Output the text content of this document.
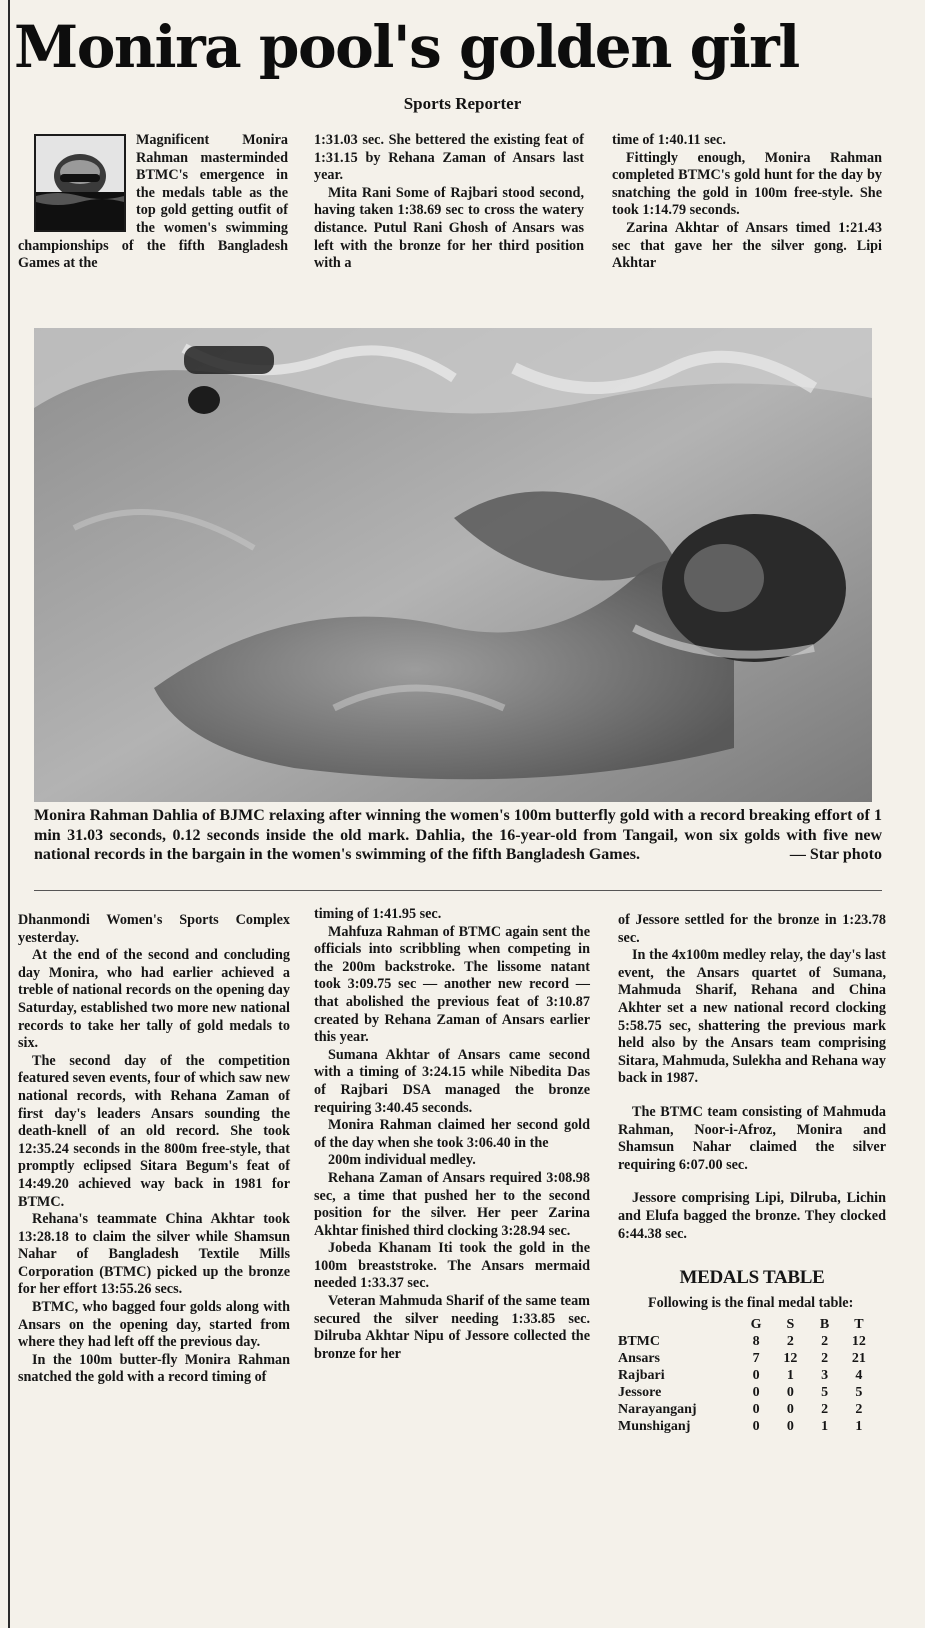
Monira pool's golden girl
Sports Reporter

Magnificent Monira Rahman masterminded BTMC's emergence in the medals table as the top gold getting outfit of the women's swimming championships of the fifth Bangladesh Games at the

1:31.03 sec. She bettered the existing feat of 1:31.15 by Rehana Zaman of Ansars last year.

Mita Rani Some of Rajbari stood second, having taken 1:38.69 sec to cross the watery distance. Putul Rani Ghosh of Ansars was left with the bronze for her third position with a

time of 1:40.11 sec.

Fittingly enough, Monira Rahman completed BTMC's gold hunt for the day by snatching the gold in 100m free-style. She took 1:14.79 seconds.

Zarina Akhtar of Ansars timed 1:21.43 sec that gave her the silver gong. Lipi Akhtar

Monira Rahman Dahlia of BJMC relaxing after winning the women's 100m butterfly gold with a record breaking effort of 1 min 31.03 seconds, 0.12 seconds inside the old mark. Dahlia, the 16-year-old from Tangail, won six golds with five new national records in the bargain in the women's swimming of the fifth Bangladesh Games.	— Star photo

Dhanmondi Women's Sports Complex yesterday.

At the end of the second and concluding day Monira, who had earlier achieved a treble of national records on the opening day Saturday, established two more new national records to take her tally of gold medals to six.

The second day of the competition featured seven events, four of which saw new national records, with Rehana Zaman of first day's leaders Ansars sounding the death-knell of an old record. She took 12:35.24 seconds in the 800m free-style, that promptly eclipsed Sitara Begum's feat of 14:49.20 achieved way back in 1981 for BTMC.

Rehana's teammate China Akhtar took 13:28.18 to claim the silver while Shamsun Nahar of Bangladesh Textile Mills Corporation (BTMC) picked up the bronze for her effort 13:55.26 secs.

BTMC, who bagged four golds along with Ansars on the opening day, started from where they had left off the previous day.

In the 100m butter-fly Monira Rahman snatched the gold with a record timing of

timing of 1:41.95 sec.

Mahfuza Rahman of BTMC again sent the officials into scribbling when competing in the 200m backstroke. The lissome natant took 3:09.75 sec — another new record — that abolished the previous feat of 3:10.87 created by Rehana Zaman of Ansars earlier this year.

Sumana Akhtar of Ansars came second with a timing of 3:24.15 while Nibedita Das of Rajbari DSA managed the bronze requiring 3:40.45 seconds.

Monira Rahman claimed her second gold of the day when she took 3:06.40 in the

200m individual medley.

Rehana Zaman of Ansars required 3:08.98 sec, a time that pushed her to the second position for the silver. Her peer Zarina Akhtar finished third clocking 3:28.94 sec.

Jobeda Khanam Iti took the gold in the 100m breaststroke. The Ansars mermaid needed 1:33.37 sec.

Veteran Mahmuda Sharif of the same team secured the silver needing 1:33.85 sec. Dilruba Akhtar Nipu of Jessore collected the bronze for her

of Jessore settled for the bronze in 1:23.78 sec.

In the 4x100m medley relay, the day's last event, the Ansars quartet of Sumana, Mahmuda Sharif, Rehana and China Akhter set a new national record clocking 5:58.75 sec, shattering the previous mark held also by the Ansars team comprising Sitara, Mahmuda, Sulekha and Rehana way back in 1987.

The BTMC team consisting of Mahmuda Rahman, Noor-i-Afroz, Monira and Shamsun Nahar claimed the silver requiring 6:07.00 sec.

Jessore comprising Lipi, Dilruba, Lichin and Elufa bagged the bronze. They clocked 6:44.38 sec.

MEDALS TABLE

Following is the final medal table:

	G	S	B	T
BTMC	8	2	2	12
Ansars	7	12	2	21
Rajbari	0	1	3	4
Jessore	0	0	5	5
Narayanganj	0	0	2	2
Munshiganj	0	0	1	1
